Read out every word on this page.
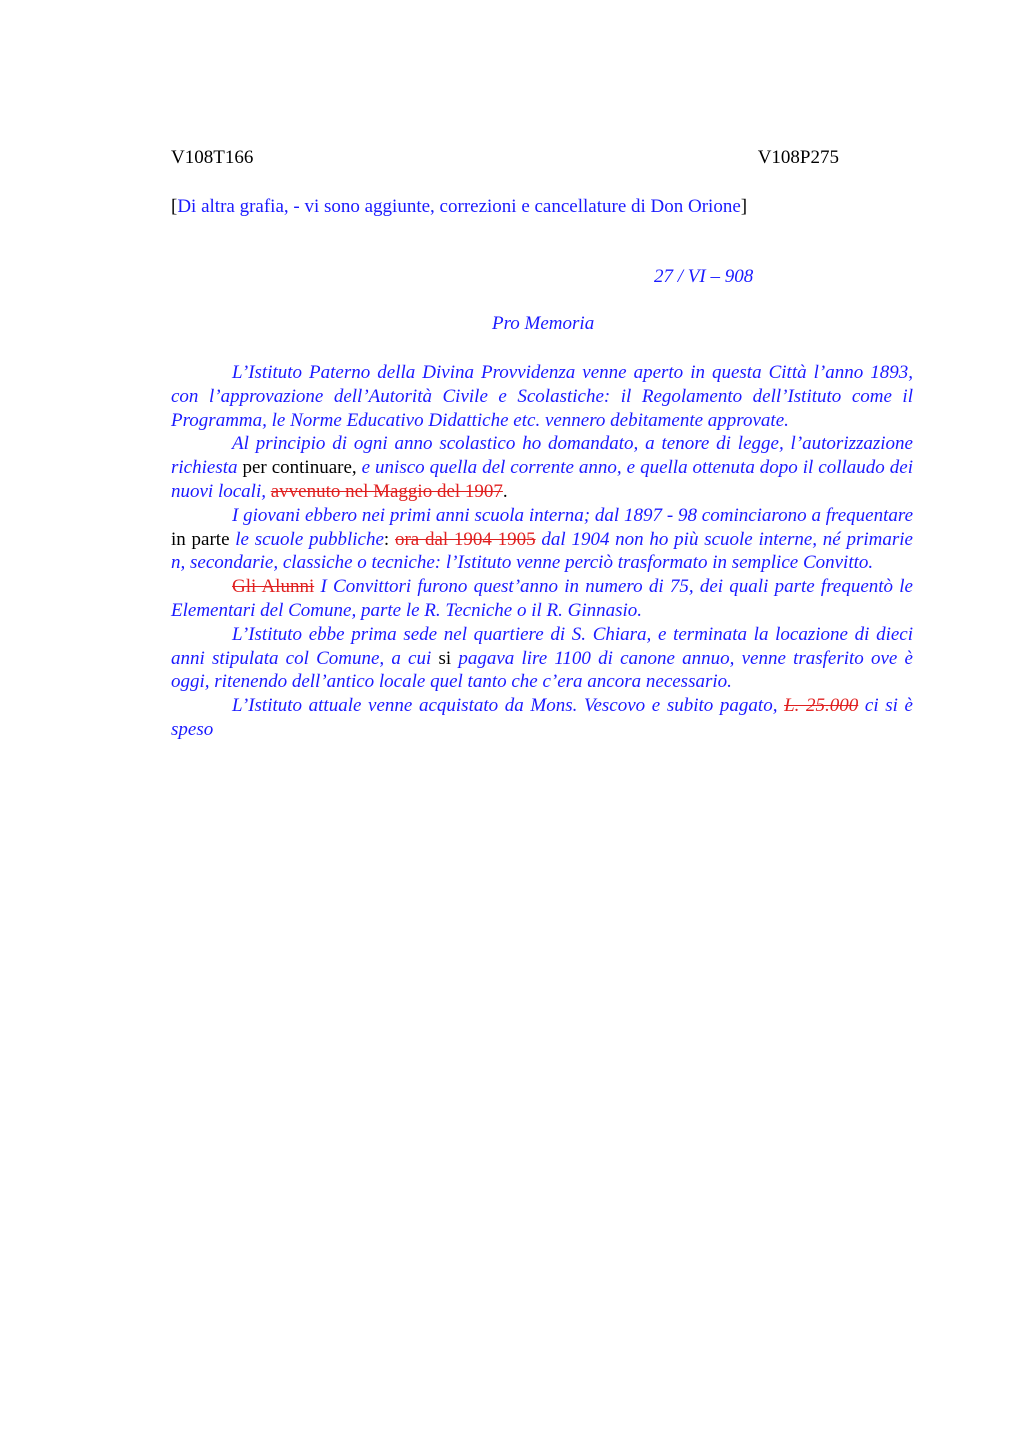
V108T166	V108P275
[Di altra grafia, - vi sono aggiunte, correzioni e cancellature di Don Orione]
27 / VI – 908
Pro Memoria

L’Istituto Paterno della Divina Provvidenza venne aperto in questa Città l’anno 1893, con l’approvazione dell’Autorità Civile e Scolastiche: il Regolamento dell’Istituto come il Programma, le Norme Educativo Didattiche etc. vennero debitamente approvate.

Al principio di ogni anno scolastico ho domandato, a tenore di legge, l’autorizzazione richiesta per continuare, e unisco quella del corrente anno, e quella ottenuta dopo il collaudo dei nuovi locali, avvenuto nel Maggio del 1907.

I giovani ebbero nei primi anni scuola interna; dal 1897 - 98 cominciarono a frequentare in parte le scuole pubbliche: ora dal 1904 1905 dal 1904 non ho più scuole interne, né primarie n, secondarie, classiche o tecniche: l’Istituto venne perciò trasformato in semplice Convitto.

Gli Alunni I Convittori furono quest’anno in numero di 75, dei quali parte frequentò le Elementari del Comune, parte le R. Tecniche o il R. Ginnasio.

L’Istituto ebbe prima sede nel quartiere di S. Chiara, e terminata la locazione di dieci anni stipulata col Comune, a cui si pagava lire 1100 di canone annuo, venne trasferito ove è oggi, ritenendo dell’antico locale quel tanto che c’era ancora necessario.

L’Istituto attuale venne acquistato da Mons. Vescovo e subito pagato, L. 25.000 ci si è speso
